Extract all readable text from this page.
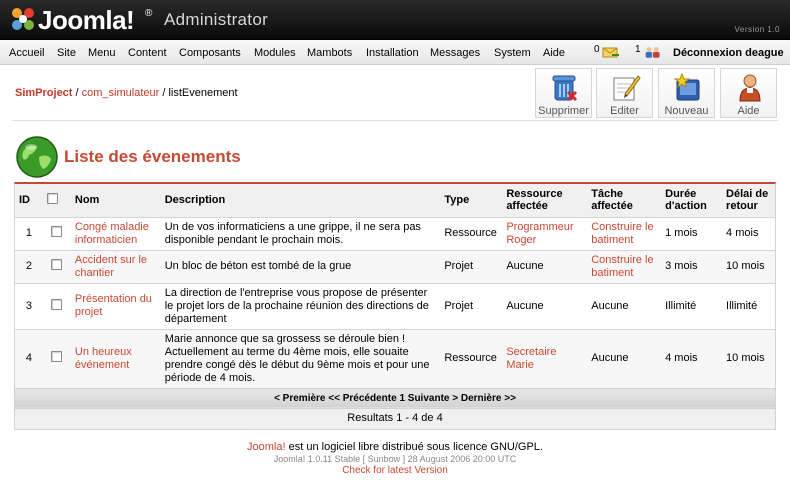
Joomla! ® Administrator
Version 1.0
Accueil Site Menu Content Composants Modules Mambots Installation Messages System Aide	0	1	Déconnexion deague
SimProject / com_simulateur / listEvenement
Supprimer	Editer	Nouveau	Aide
Liste des évenements
ID		Nom	Description	Type	Ressource affectée	Tâche affectée	Durée d'action	Délai de retour
1		Congé maladie informaticien	Un de vos informaticiens a une grippe, il ne sera pas disponible pendant le prochain mois.	Ressource	Programmeur Roger	Construire le batiment	1 mois	4 mois
2		Accident sur le chantier	Un bloc de béton est tombé de la grue	Projet	Aucune	Construire le batiment	3 mois	10 mois
3		Présentation du projet	La direction de l'entreprise vous propose de présenter le projet lors de la prochaine réunion des directions de département	Projet	Aucune	Aucune	Illimité	Illimité
4		Un heureux événement	Marie annonce que sa grossess se déroule bien ! Actuellement au terme du 4ème mois, elle souaite prendre congé dès le début du 9ème mois et pour une période de 4 mois.	Ressource	Secretaire Marie	Aucune	4 mois	10 mois
< Première << Précédente 1 Suivante > Dernière >>								
Resultats 1 - 4 de 4								
Joomla! est un logiciel libre distribué sous licence GNU/GPL.
Joomla! 1.0.11 Stable [ Sunbow ] 28 August 2006 20:00 UTC
Check for latest Version
